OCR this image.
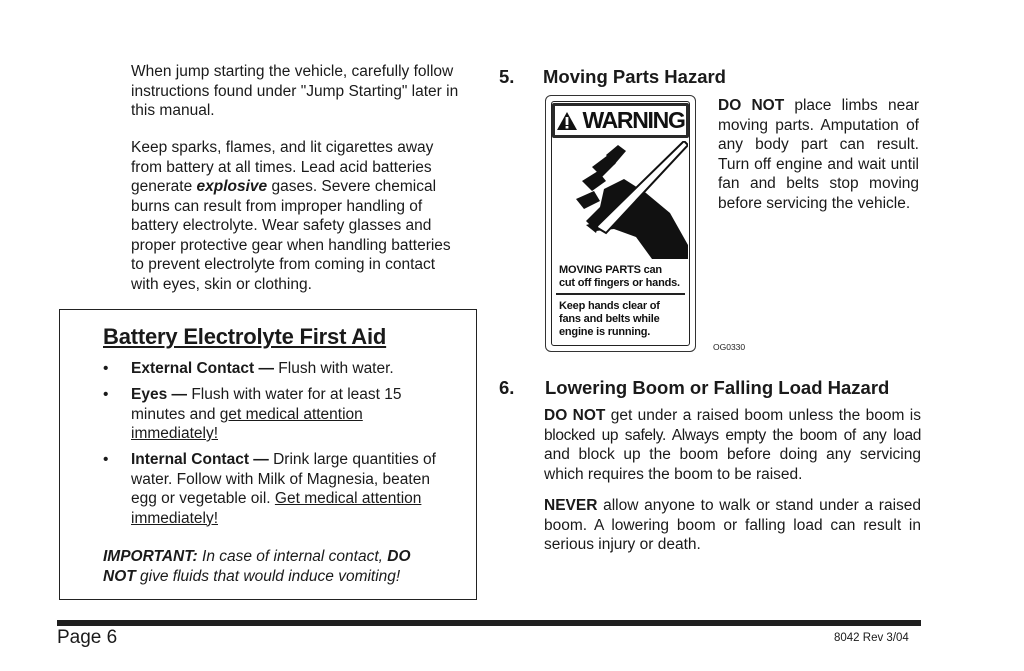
When jump starting the vehicle, carefully follow instructions found under "Jump Starting" later in this manual.
Keep sparks, flames, and lit cigarettes away
from battery at all times. Lead acid batteries
generate explosive gases. Severe chemical
burns can result from improper handling of
battery electrolyte. Wear safety glasses and
proper protective gear when handling batteries
to prevent electrolyte from coming in contact
with eyes, skin or clothing.
Battery Electrolyte First Aid
• External Contact — Flush with water.
• Eyes — Flush with water for at least 15
minutes and get medical attention
immediately!
• Internal Contact — Drink large quantities of
water. Follow with Milk of Magnesia, beaten
egg or vegetable oil. Get medical attention
immediately!
IMPORTANT: In case of internal contact, DO
NOT give fluids that would induce vomiting!
5. Moving Parts Hazard
DO NOT place limbs near
moving parts. Amputation of
any body part can result.
Turn off engine and wait until
fan and belts stop moving
before servicing the vehicle.
WARNING
MOVING PARTS can
cut off fingers or hands.
Keep hands clear of
fans and belts while
engine is running.
OG0330
6. Lowering Boom or Falling Load Hazard
DO NOT get under a raised boom unless the boom is
blocked up safely. Always empty the boom of any load
and block up the boom before doing any servicing
which requires the boom to be raised.
NEVER allow anyone to walk or stand under a raised
boom. A lowering boom or falling load can result in
serious injury or death.
Page 6	8042 Rev 3/04
